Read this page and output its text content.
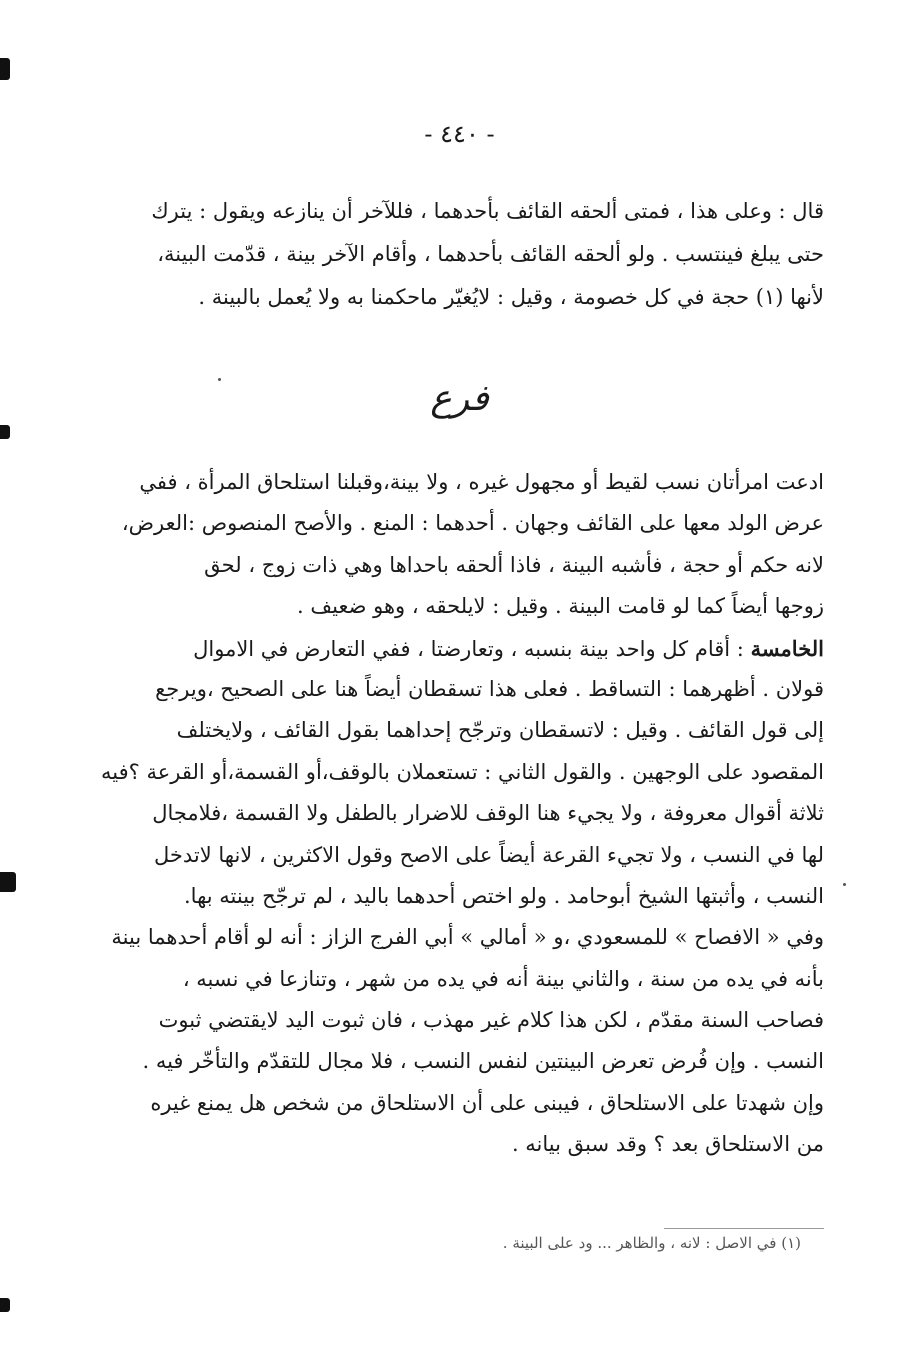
- ٤٤٠ -
قال : وعلى هذا ، فمتى ألحقه القائف بأحدهما ، فللآخر أن ينازعه ويقول : يترك
حتى يبلغ فينتسب . ولو ألحقه القائف بأحدهما ، وأقام الآخر بينة ، قدّمت البينة،
لأنها (١) حجة في كل خصومة ، وقيل : لايُغيّر ماحكمنا به ولا يُعمل بالبينة .
فرع
ادعت امرأتان نسب لقيط أو مجهول غيره ، ولا بينة،وقبلنا استلحاق المرأة ، ففي
عرض الولد معها على القائف وجهان . أحدهما : المنع . والأصح المنصوص :العرض،
لانه حكم أو حجة ، فأشبه البينة ، فاذا ألحقه باحداها وهي ذات زوج ، لحق
زوجها أيضاً كما لو قامت البينة . وقيل : لايلحقه ، وهو ضعيف .
الخامسة : أقام كل واحد بينة بنسبه ، وتعارضتا ، ففي التعارض في الاموال
قولان . أظهرهما : التساقط . فعلى هذا تسقطان أيضاً هنا على الصحيح ،ويرجع
إلى قول القائف . وقيل : لاتسقطان وترجّح إحداهما بقول القائف ، ولايختلف
المقصود على الوجهين . والقول الثاني : تستعملان بالوقف،أو القسمة،أو القرعة ؟فيه
ثلاثة أقوال معروفة ، ولا يجيء هنا الوقف للاضرار بالطفل ولا القسمة ،فلامجال
لها في النسب ، ولا تجيء القرعة أيضاً على الاصح وقول الاكثرين ، لانها لاتدخل
النسب ، وأثبتها الشيخ أبوحامد . ولو اختص أحدهما باليد ، لم ترجّح بينته بها.
وفي « الافصاح » للمسعودي ،و « أمالي » أبي الفرج الزاز : أنه لو أقام أحدهما بينة
بأنه في يده من سنة ، والثاني بينة أنه في يده من شهر ، وتنازعا في نسبه ،
فصاحب السنة مقدّم ، لكن هذا كلام غير مهذب ، فان ثبوت اليد لايقتضي ثبوت
النسب . وإن فُرض تعرض البينتين لنفس النسب ، فلا مجال للتقدّم والتأخّر فيه .
وإن شهدتا على الاستلحاق ، فيبنى على أن الاستلحاق من شخص هل يمنع غيره
من الاستلحاق بعد ؟ وقد سبق بيانه .
(١) في الاصل : لانه ، والظاهر ... ود على البينة .
